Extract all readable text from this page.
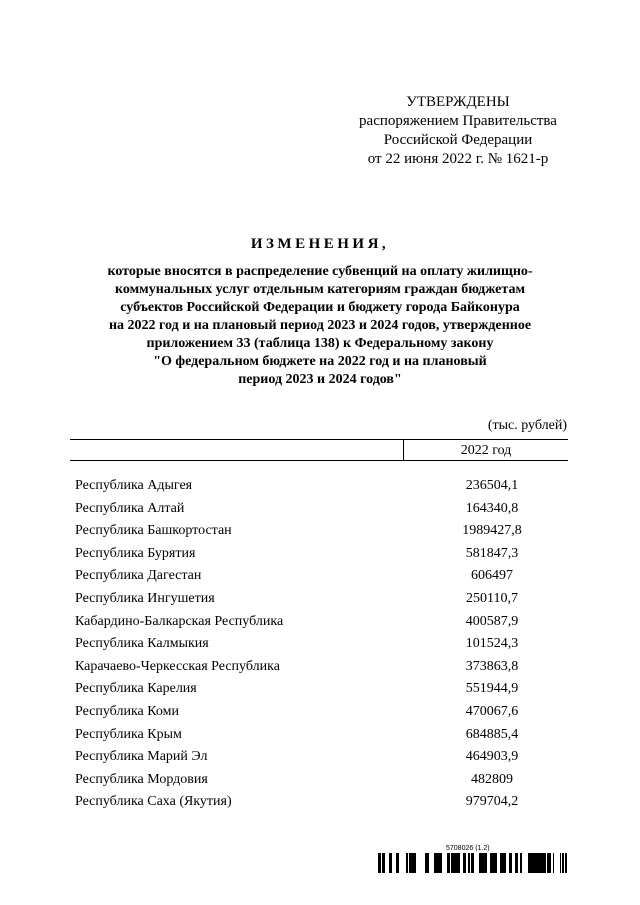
УТВЕРЖДЕНЫ
распоряжением Правительства
Российской Федерации
от 22 июня 2022 г. № 1621-р
ИЗМЕНЕНИЯ,
которые вносятся в распределение субвенций на оплату жилищно-
коммунальных услуг отдельным категориям граждан бюджетам
субъектов Российской Федерации и бюджету города Байконура
на 2022 год и на плановый период 2023 и 2024 годов, утвержденное
приложением 33 (таблица 138) к Федеральному закону
"О федеральном бюджете на 2022 год и на плановый
период 2023 и 2024 годов"
(тыс. рублей)
2022 год
Республика Адыгея	236504,1
Республика Алтай	164340,8
Республика Башкортостан	1989427,8
Республика Бурятия	581847,3
Республика Дагестан	606497
Республика Ингушетия	250110,7
Кабардино-Балкарская Республика	400587,9
Республика Калмыкия	101524,3
Карачаево-Черкесская Республика	373863,8
Республика Карелия	551944,9
Республика Коми	470067,6
Республика Крым	684885,4
Республика Марий Эл	464903,9
Республика Мордовия	482809
Республика Саха (Якутия)	979704,2
5708026 (1.2)
